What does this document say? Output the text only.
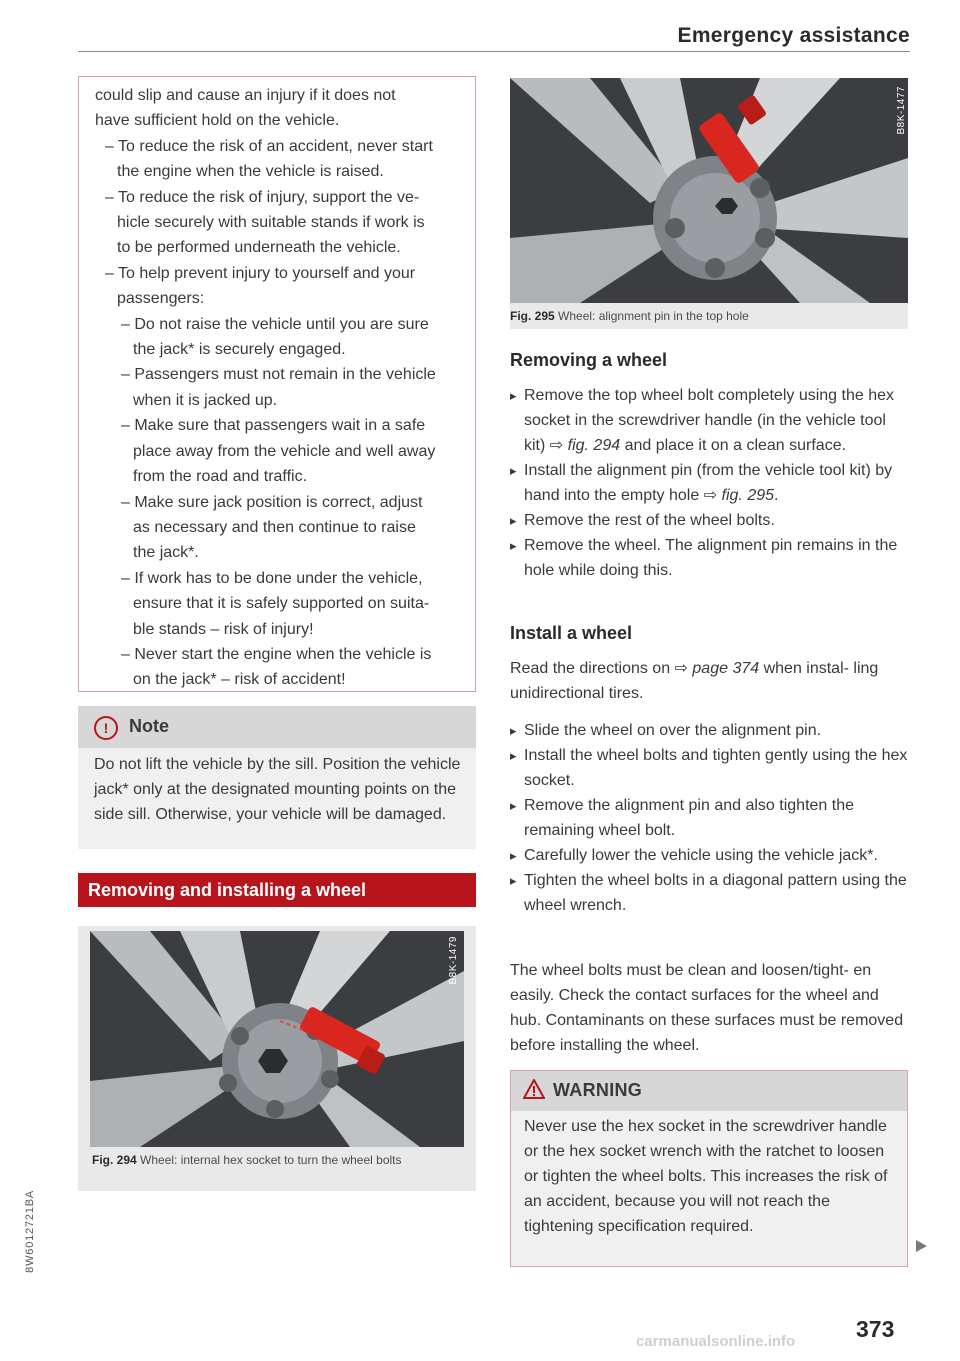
Emergency assistance

could slip and cause an injury if it does not

have sufficient hold on the vehicle.

– To reduce the risk of an accident, never start

the engine when the vehicle is raised.

– To reduce the risk of injury, support the ve-

hicle securely with suitable stands if work is

to be performed underneath the vehicle.

– To help prevent injury to yourself and your

passengers:

– Do not raise the vehicle until you are sure

the jack* is securely engaged.

– Passengers must not remain in the vehicle

when it is jacked up.

– Make sure that passengers wait in a safe

place away from the vehicle and well away

from the road and traffic.

– Make sure jack position is correct, adjust

as necessary and then continue to raise

the jack*.

– If work has to be done under the vehicle,

ensure that it is safely supported on suita-

ble stands – risk of injury!

– Never start the engine when the vehicle is

on the jack* – risk of accident!

!	Note
Do not lift the vehicle by the sill. Position the vehicle jack* only at the designated mounting points on the side sill. Otherwise, your vehicle will be damaged.
Removing and installing a wheel
B8K-1479
Fig. 294 Wheel: internal hex socket to turn the wheel bolts
B8K-1477
Fig. 295 Wheel: alignment pin in the top hole
Removing a wheel

▸ Remove the top wheel bolt completely using the hex socket in the screwdriver handle (in the vehicle tool kit) ⇨ fig. 294 and place it on a clean surface.

▸ Install the alignment pin (from the vehicle tool kit) by hand into the empty hole ⇨ fig. 295.

▸ Remove the rest of the wheel bolts.

▸ Remove the wheel. The alignment pin remains in the hole while doing this.

Install a wheel
Read the directions on ⇨ page 374 when instal- ling unidirectional tires.

▸ Slide the wheel on over the alignment pin.

▸ Install the wheel bolts and tighten gently using the hex socket.

▸ Remove the alignment pin and also tighten the remaining wheel bolt.

▸ Carefully lower the vehicle using the vehicle jack*.

▸ Tighten the wheel bolts in a diagonal pattern using the wheel wrench.

The wheel bolts must be clean and loosen/tight- en easily. Check the contact surfaces for the wheel and hub. Contaminants on these surfaces must be removed before installing the wheel.
WARNING
Never use the hex socket in the screwdriver handle or the hex socket wrench with the ratchet to loosen or tighten the wheel bolts. This increases the risk of an accident, because you will not reach the tightening specification required.
373
8W6012721BA
carmanualsonline.info
